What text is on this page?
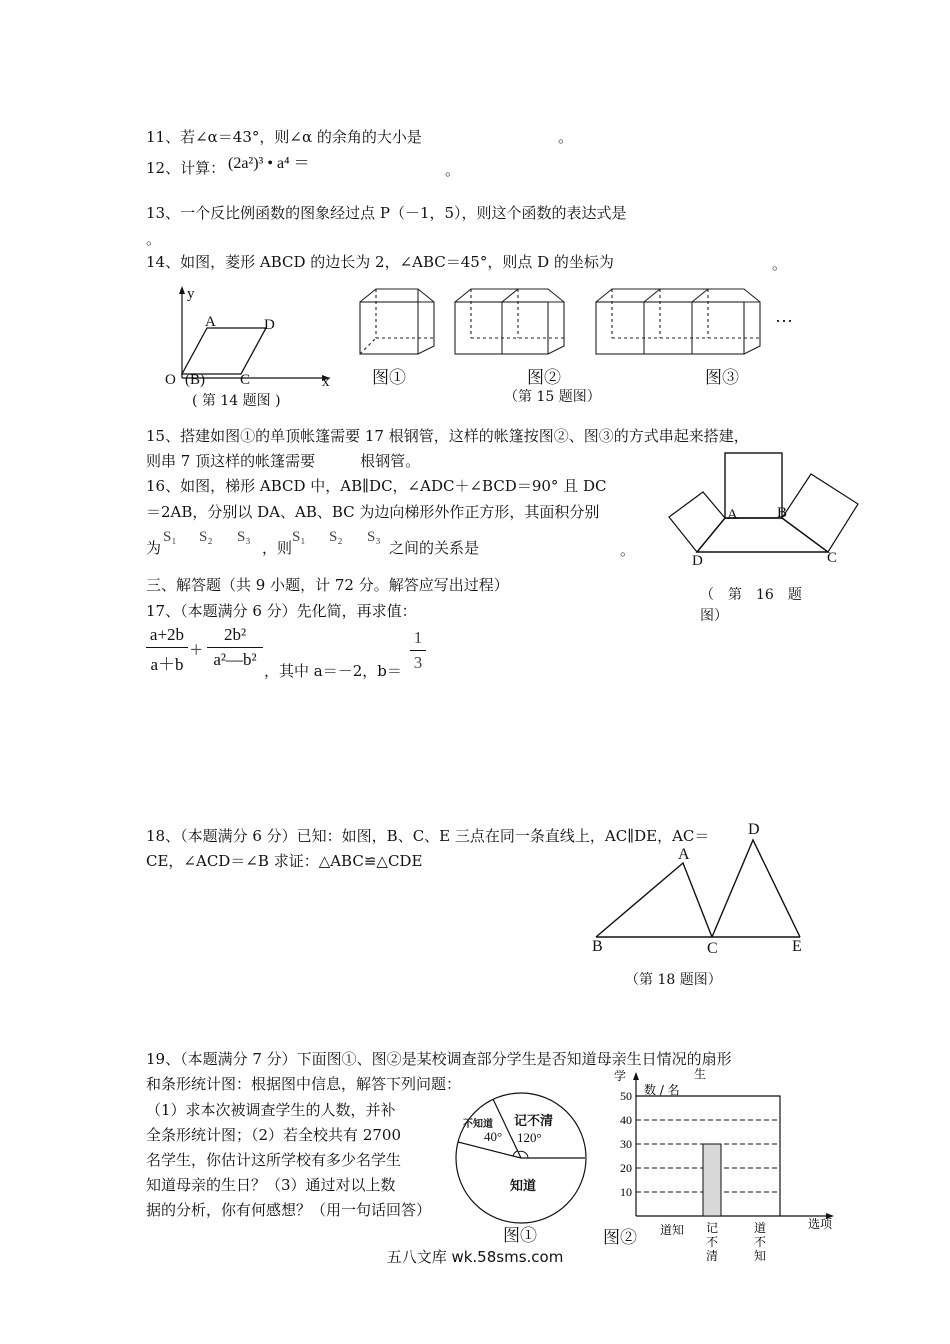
11、若∠α＝43°，则∠α 的余角的大小是	。
12、计算： (2a²)³ • a⁴ ＝	。
13、一个反比例函数的图象经过点 P（－1，5），则这个函数的表达式是
。
14、如图，菱形 ABCD 的边长为 2，∠ABC＝45°，则点 D 的坐标为	。
y
A	D
O (B) C	x
( 第 14 题图 )
…
图①	图②	图③
（第 15 题图）
15、搭建如图①的单顶帐篷需要 17 根钢管，这样的帐篷按图②、图③的方式串起来搭建，
则串 7 顶这样的帐篷需要　　　根钢管。
16、如图，梯形 ABCD 中，AB∥DC，∠ADC＋∠BCD＝90° 且 DC
＝2AB，分别以 DA、AB、BC 为边向梯形外作正方形，其面积分别
为
S₁ S₂ S₃
，则
S₁ S₂ S₃
之间的关系是	。
A	B
D	C
（　第　16　题
图）
三、解答题（共 9 小题，计 72 分。解答应写出过程）
17、（本题满分 6 分）先化简，再求值：
a+2b
a＋b
+
2b²
a²—b²
，其中 a＝－2，b＝
1
3
18、（本题满分 6 分）已知：如图，B、C、E 三点在同一条直线上，AC∥DE，AC＝
CE，∠ACD＝∠B 求证：△ABC≌△CDE
D
A
B	C	E
（第 18 题图）
19、（本题满分 7 分）下面图①、图②是某校调查部分学生是否知道母亲生日情况的扇形
和条形统计图：根据图中信息，解答下列问题：
（1）求本次被调查学生的人数，并补
全条形统计图；（2）若全校共有 2700
名学生，你估计这所学校有多少名学生
知道母亲的生日？（3）通过对以上数
据的分析，你有何感想？（用一句话回答）
不知道
40°
记不清
120°
知道
图①
10
20
30
40
50
道知 记
不
清
道
不
知
选项
学	生
数 / 名
图②
五八文库 wk.58sms.com
